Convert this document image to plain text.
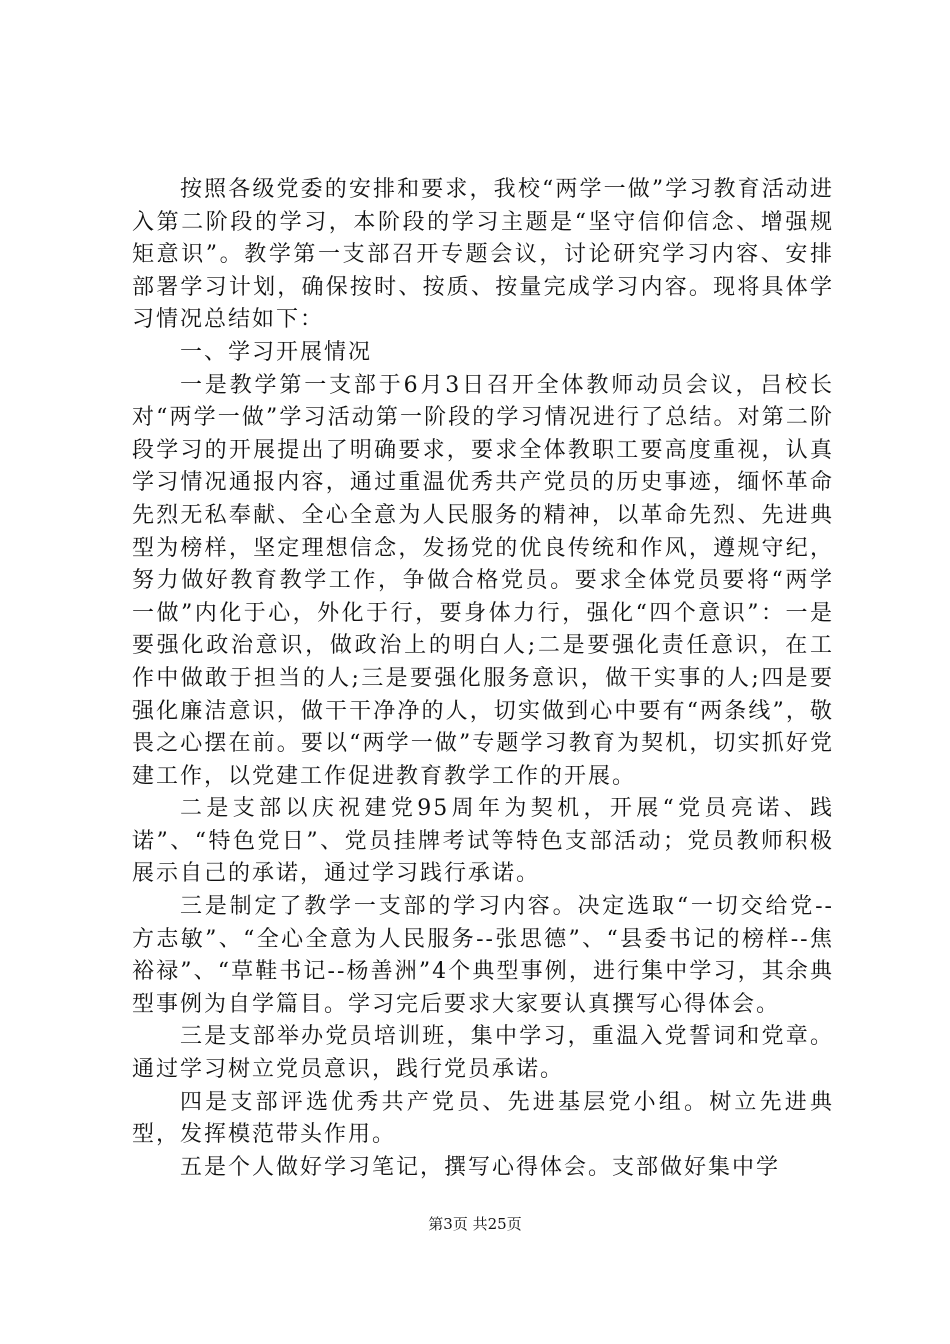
按照各级党委的安排和要求，我校“两学一做”学习教育活动进入第二阶段的学习，本阶段的学习主题是“坚守信仰信念、增强规矩意识”。教学第一支部召开专题会议，讨论研究学习内容、安排部署学习计划，确保按时、按质、按量完成学习内容。现将具体学习情况总结如下：

一、学习开展情况

一是教学第一支部于6月3日召开全体教师动员会议，吕校长对“两学一做”学习活动第一阶段的学习情况进行了总结。对第二阶段学习的开展提出了明确要求，要求全体教职工要高度重视，认真学习情况通报内容，通过重温优秀共产党员的历史事迹，缅怀革命先烈无私奉献、全心全意为人民服务的精神，以革命先烈、先进典型为榜样，坚定理想信念，发扬党的优良传统和作风，遵规守纪，努力做好教育教学工作，争做合格党员。要求全体党员要将“两学一做”内化于心，外化于行，要身体力行，强化“四个意识”：一是要强化政治意识，做政治上的明白人;二是要强化责任意识，在工作中做敢于担当的人;三是要强化服务意识，做干实事的人;四是要强化廉洁意识，做干干净净的人，切实做到心中要有“两条线”，敬畏之心摆在前。要以“两学一做”专题学习教育为契机，切实抓好党建工作，以党建工作促进教育教学工作的开展。

二是支部以庆祝建党95周年为契机，开展“党员亮诺、践诺”、“特色党日”、党员挂牌考试等特色支部活动；党员教师积极展示自己的承诺，通过学习践行承诺。

三是制定了教学一支部的学习内容。决定选取“一切交给党--方志敏”、“全心全意为人民服务--张思德”、“县委书记的榜样--焦裕禄”、“草鞋书记--杨善洲”4个典型事例，进行集中学习，其余典型事例为自学篇目。学习完后要求大家要认真撰写心得体会。

三是支部举办党员培训班，集中学习，重温入党誓词和党章。通过学习树立党员意识，践行党员承诺。

四是支部评选优秀共产党员、先进基层党小组。树立先进典型，发挥模范带头作用。

五是个人做好学习笔记，撰写心得体会。支部做好集中学

第3页 共25页
